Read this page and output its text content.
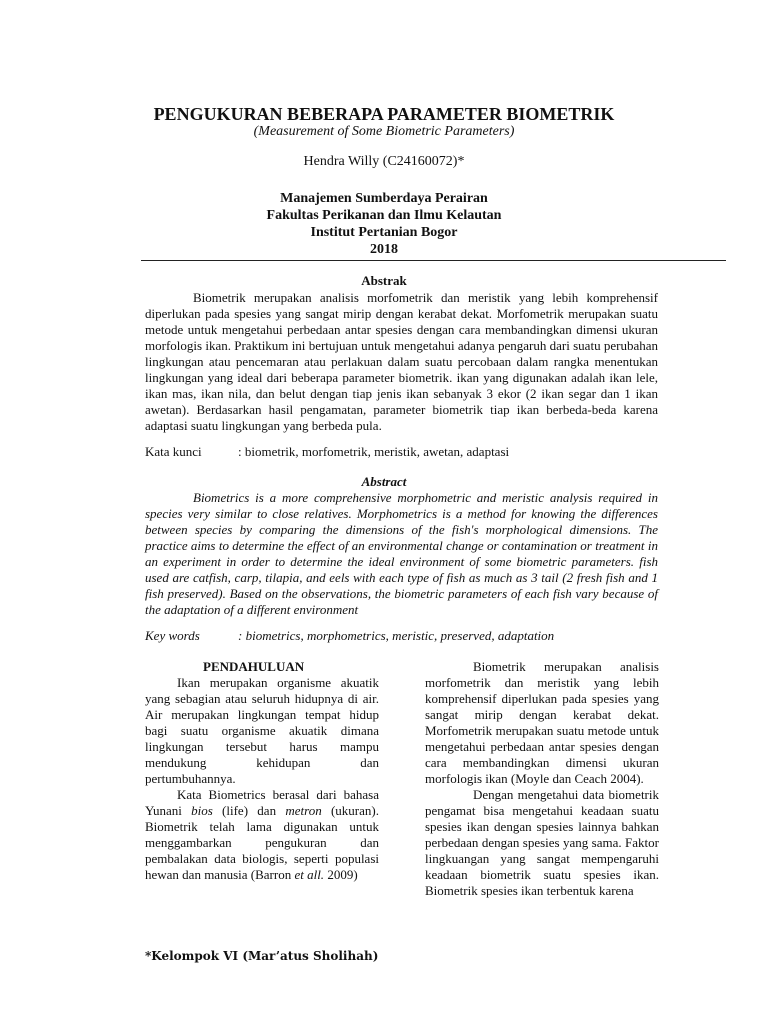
PENGUKURAN BEBERAPA PARAMETER BIOMETRIK
(Measurement of Some Biometric Parameters)
Hendra Willy (C24160072)*
Manajemen Sumberdaya Perairan
Fakultas Perikanan dan Ilmu Kelautan
Institut Pertanian Bogor
2018
Abstrak

Biometrik merupakan analisis morfometrik dan meristik yang lebih komprehensif diperlukan pada spesies yang sangat mirip dengan kerabat dekat. Morfometrik merupakan suatu metode untuk mengetahui perbedaan antar spesies dengan cara membandingkan dimensi ukuran morfologis ikan. Praktikum ini bertujuan untuk mengetahui adanya pengaruh dari suatu perubahan lingkungan atau pencemaran atau perlakuan dalam suatu percobaan dalam rangka menentukan lingkungan yang ideal dari beberapa parameter biometrik. ikan yang digunakan adalah ikan lele, ikan mas, ikan nila, dan belut dengan tiap jenis ikan sebanyak 3 ekor (2 ikan segar dan 1 ikan awetan). Berdasarkan hasil pengamatan, parameter biometrik tiap ikan berbeda-beda karena adaptasi suatu lingkungan yang berbeda pula.

Kata kunci	: biometrik, morfometrik, meristik, awetan, adaptasi
Abstract

Biometrics is a more comprehensive morphometric and meristic analysis required in species very similar to close relatives. Morphometrics is a method for knowing the differences between species by comparing the dimensions of the fish's morphological dimensions. The practice aims to determine the effect of an environmental change or contamination or treatment in an experiment in order to determine the ideal environment of some biometric parameters. fish used are catfish, carp, tilapia, and eels with each type of fish as much as 3 tail (2 fresh fish and 1 fish preserved). Based on the observations, the biometric parameters of each fish vary because of the adaptation of a different environment

Key words	: biometrics, morphometrics, meristic, preserved, adaptation
PENDAHULUAN

Ikan merupakan organisme akuatik yang sebagian atau seluruh hidupnya di air. Air merupakan lingkungan tempat hidup bagi suatu organisme akuatik dimana lingkungan tersebut harus mampu mendukung kehidupan dan pertumbuhannya.

Kata Biometrics berasal dari bahasa Yunani bios (life) dan metron (ukuran). Biometrik telah lama digunakan untuk menggambarkan pengukuran dan pembalakan data biologis, seperti populasi hewan dan manusia (Barron et all. 2009)

Biometrik merupakan analisis morfometrik dan meristik yang lebih komprehensif diperlukan pada spesies yang sangat mirip dengan kerabat dekat. Morfometrik merupakan suatu metode untuk mengetahui perbedaan antar spesies dengan cara membandingkan dimensi ukuran morfologis ikan (Moyle dan Ceach 2004).

Dengan mengetahui data biometrik pengamat bisa mengetahui keadaan suatu spesies ikan dengan spesies lainnya bahkan perbedaan dengan spesies yang sama. Faktor lingkuangan yang sangat mempengaruhi keadaan biometrik suatu spesies ikan. Biometrik spesies ikan terbentuk karena

*Kelompok VI (Mar’atus Sholihah)
